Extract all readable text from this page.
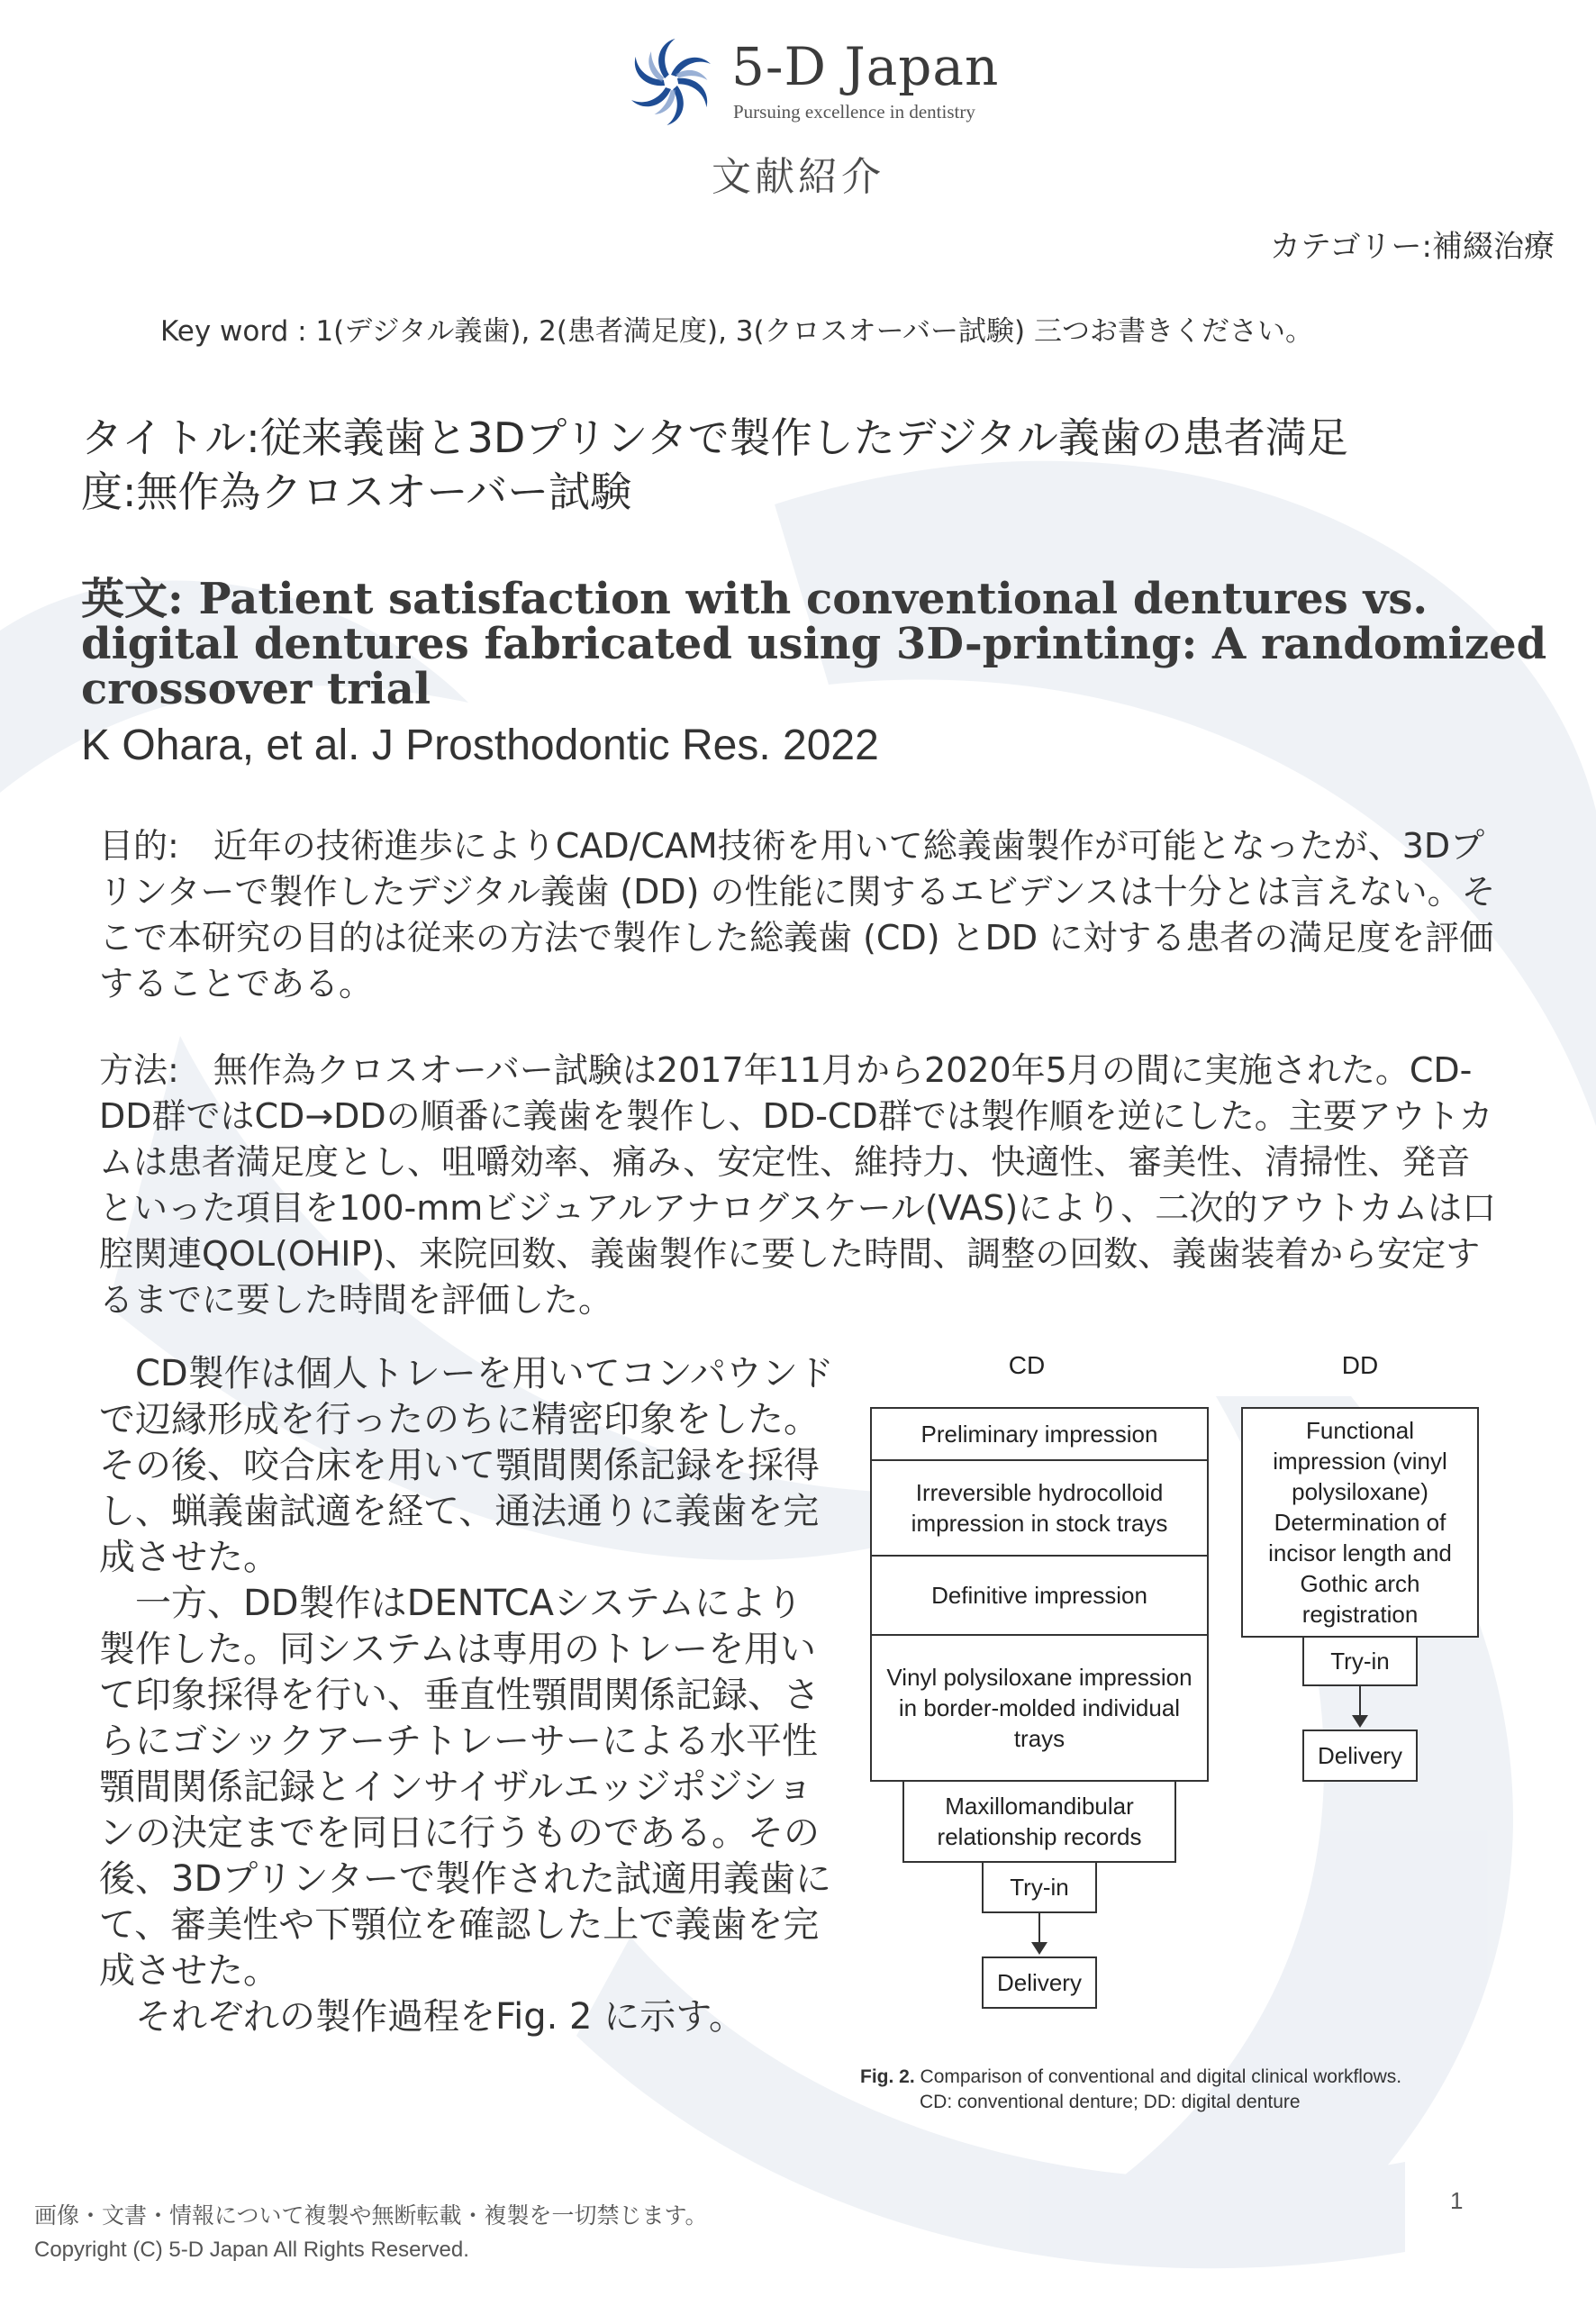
5-D Japan
Pursuing excellence in dentistry
文献紹介
カテゴリー:補綴治療
Key word : 1(デジタル義歯), 2(患者満足度), 3(クロスオーバー試験) 三つお書きください。
タイトル:従来義歯と3Dプリンタで製作したデジタル義歯の患者満足
度:無作為クロスオーバー試験
英文: Patient satisfaction with conventional dentures vs. digital dentures fabricated using 3D-printing: A randomized crossover trial
K Ohara, et al. J Prosthodontic Res. 2022
目的:　近年の技術進歩によりCAD/CAM技術を用いて総義歯製作が可能となったが、3Dプリンターで製作したデジタル義歯 (DD) の性能に関するエビデンスは十分とは言えない。そこで本研究の目的は従来の方法で製作した総義歯 (CD) とDD に対する患者の満足度を評価することである。
方法:　無作為クロスオーバー試験は2017年11月から2020年5月の間に実施された。CD-DD群ではCD→DDの順番に義歯を製作し、DD-CD群では製作順を逆にした。主要アウトカムは患者満足度とし、咀嚼効率、痛み、安定性、維持力、快適性、審美性、清掃性、発音といった項目を100-mmビジュアルアナログスケール(VAS)により、二次的アウトカムは口腔関連QOL(OHIP)、来院回数、義歯製作に要した時間、調整の回数、義歯装着から安定するまでに要した時間を評価した。
CD製作は個人トレーを用いてコンパウンドで辺縁形成を行ったのちに精密印象をした。その後、咬合床を用いて顎間関係記録を採得し、蝋義歯試適を経て、通法通りに義歯を完成させた。
一方、DD製作はDENTCAシステムにより製作した。同システムは専用のトレーを用いて印象採得を行い、垂直性顎間関係記録、さらにゴシックアーチトレーサーによる水平性顎間関係記録とインサイザルエッジポジションの決定までを同日に行うものである。その後、3Dプリンターで製作された試適用義歯にて、審美性や下顎位を確認した上で義歯を完成させた。
それぞれの製作過程をFig. 2 に示す。
CD	DD
Preliminary impression
Irreversible hydrocolloid impression in stock trays
Definitive impression
Vinyl polysiloxane impression in border-molded individual trays
Maxillomandibular relationship records
Try-in
Delivery
Functional impression (vinyl polysiloxane) Determination of incisor length and Gothic arch registration
Try-in
Delivery
Fig. 2. Comparison of conventional and digital clinical workflows.
CD: conventional denture; DD: digital denture
画像・文書・情報について複製や無断転載・複製を一切禁じます。
Copyright (C) 5-D Japan All Rights Reserved.
1
